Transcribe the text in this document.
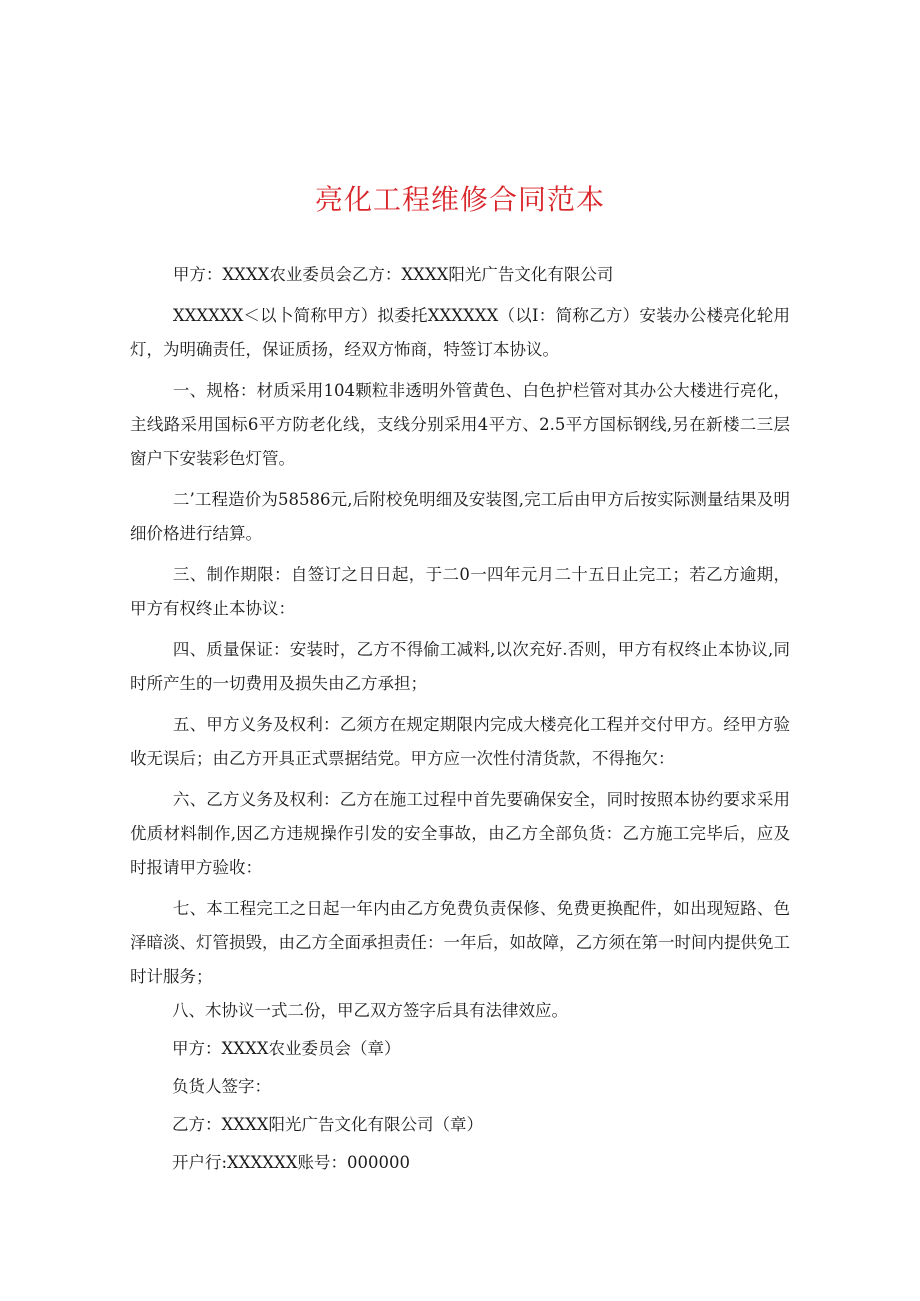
亮化工程维修合同范本

甲方：XXXX农业委员会乙方：XXXX阳光广告文化有限公司

XXXXXX＜以卜简称甲方）拟委托XXXXXX（以I：简称乙方）安装办公楼亮化轮用灯，为明确责任，保证质扬，经双方怖商，特签订本协议。

一、规格：材质采用104颗粒非透明外管黄色、白色护栏管对其办公大楼进行亮化，主线路采用国标6平方防老化线，支线分别采用4平方、2.5平方国标钢线,另在新楼二三层窗户下安装彩色灯管。

二’工程造价为58586元,后附校免明细及安装图,完工后由甲方后按实际测量结果及明细价格进行结算。

三、制作期限：自签订之日日起，于二0一四年元月二十五日止完工；若乙方逾期，甲方有权终止本协议：

四、质量保证：安装时，乙方不得偷工减料,以次充好.否则，甲方有权终止本协议,同时所产生的一切费用及损失由乙方承担；

五、甲方义务及权利：乙须方在规定期限内完成大楼亮化工程并交付甲方。经甲方验收无误后；由乙方开具正式票据结党。甲方应一次性付清货款，不得拖欠：

六、乙方义务及权利：乙方在施工过程中首先要确保安全，同时按照本协约要求采用优质材料制作,因乙方违规操作引发的安全事故，由乙方全部负货：乙方施工完毕后，应及时报请甲方验收：

七、本工程完工之日起一年内由乙方免费负责保修、免费更换配件，如出现短路、色泽暗淡、灯管损毁，由乙方全面承担责任：一年后，如故障，乙方须在第一时间内提供免工时计服务；

八、木协议一式二份，甲乙双方签字后具有法律效应。
甲方：XXXX农业委员会（章）
负货人签字：
乙方：XXXX阳光广告文化有限公司（章）
开户行:XXXXXX账号：000000
